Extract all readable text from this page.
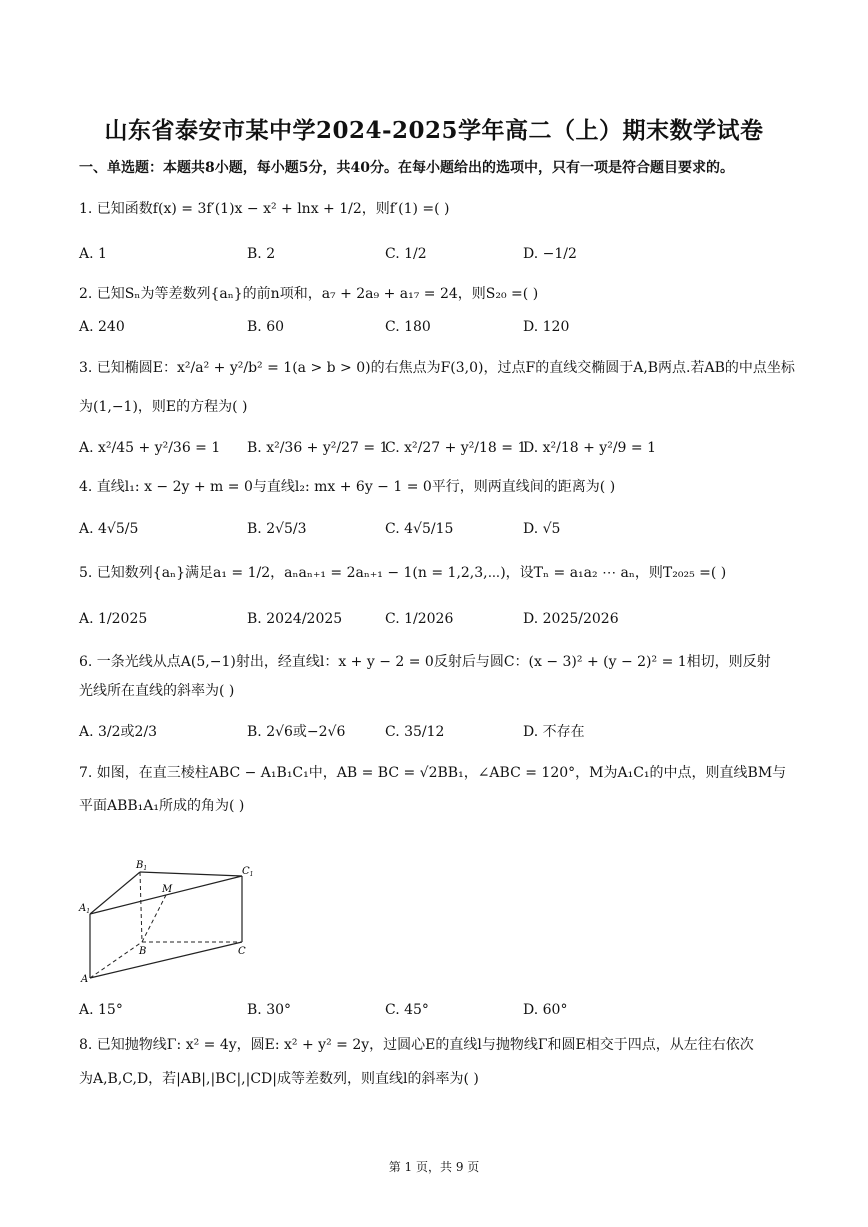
山东省泰安市某中学2024-2025学年高二（上）期末数学试卷
一、单选题：本题共8小题，每小题5分，共40分。在每小题给出的选项中，只有一项是符合题目要求的。
1. 已知函数f(x) = 3f′(1)x − x² + lnx + 1/2，则f′(1) =( )
A. 1	B. 2	C. 1/2	D. −1/2
2. 已知Sₙ为等差数列{aₙ}的前n项和，a₇ + 2a₉ + a₁₇ = 24，则S₂₀ =( )
A. 240	B. 60	C. 180	D. 120
3. 已知椭圆E：x²/a² + y²/b² = 1(a > b > 0)的右焦点为F(3,0)，过点F的直线交椭圆于A,B两点.若AB的中点坐标
为(1,−1)，则E的方程为( )
A. x²/45 + y²/36 = 1 B. x²/36 + y²/27 = 1
C. x²/27 + y²/18 = 1
D. x²/18 + y²/9 = 1
4. 直线l₁: x − 2y + m = 0与直线l₂: mx + 6y − 1 = 0平行，则两直线间的距离为( )
A. 4√5/5	B. 2√5/3	C. 4√5/15	D. √5
5. 已知数列{aₙ}满足a₁ = 1/2，aₙaₙ₊₁ = 2aₙ₊₁ − 1(n = 1,2,3,⋯)，设Tₙ = a₁a₂ ⋯ aₙ，则T₂₀₂₅ =( )
A. 1/2025	B. 2024/2025	C. 1/2026	D. 2025/2026
6. 一条光线从点A(5,−1)射出，经直线l：x + y − 2 = 0反射后与圆C：(x − 3)² + (y − 2)² = 1相切，则反射
光线所在直线的斜率为( )
A. 3/2或2/3	B. 2√6或−2√6	C. 35/12	D. 不存在
7. 如图，在直三棱柱ABC − A₁B₁C₁中，AB = BC = √2BB₁，∠ABC = 120°，M为A₁C₁的中点，则直线BM与
平面ABB₁A₁所成的角为( )
$B_1$	$C_1$
$A_1$
M
B	C
A
A. 15°	B. 30°	C. 45°	D. 60°
8. 已知抛物线Γ: x² = 4y，圆E: x² + y² = 2y，过圆心E的直线l与抛物线Γ和圆E相交于四点，从左往右依次
为A,B,C,D，若|AB|,|BC|,|CD|成等差数列，则直线l的斜率为( )
第 1 页，共 9 页
